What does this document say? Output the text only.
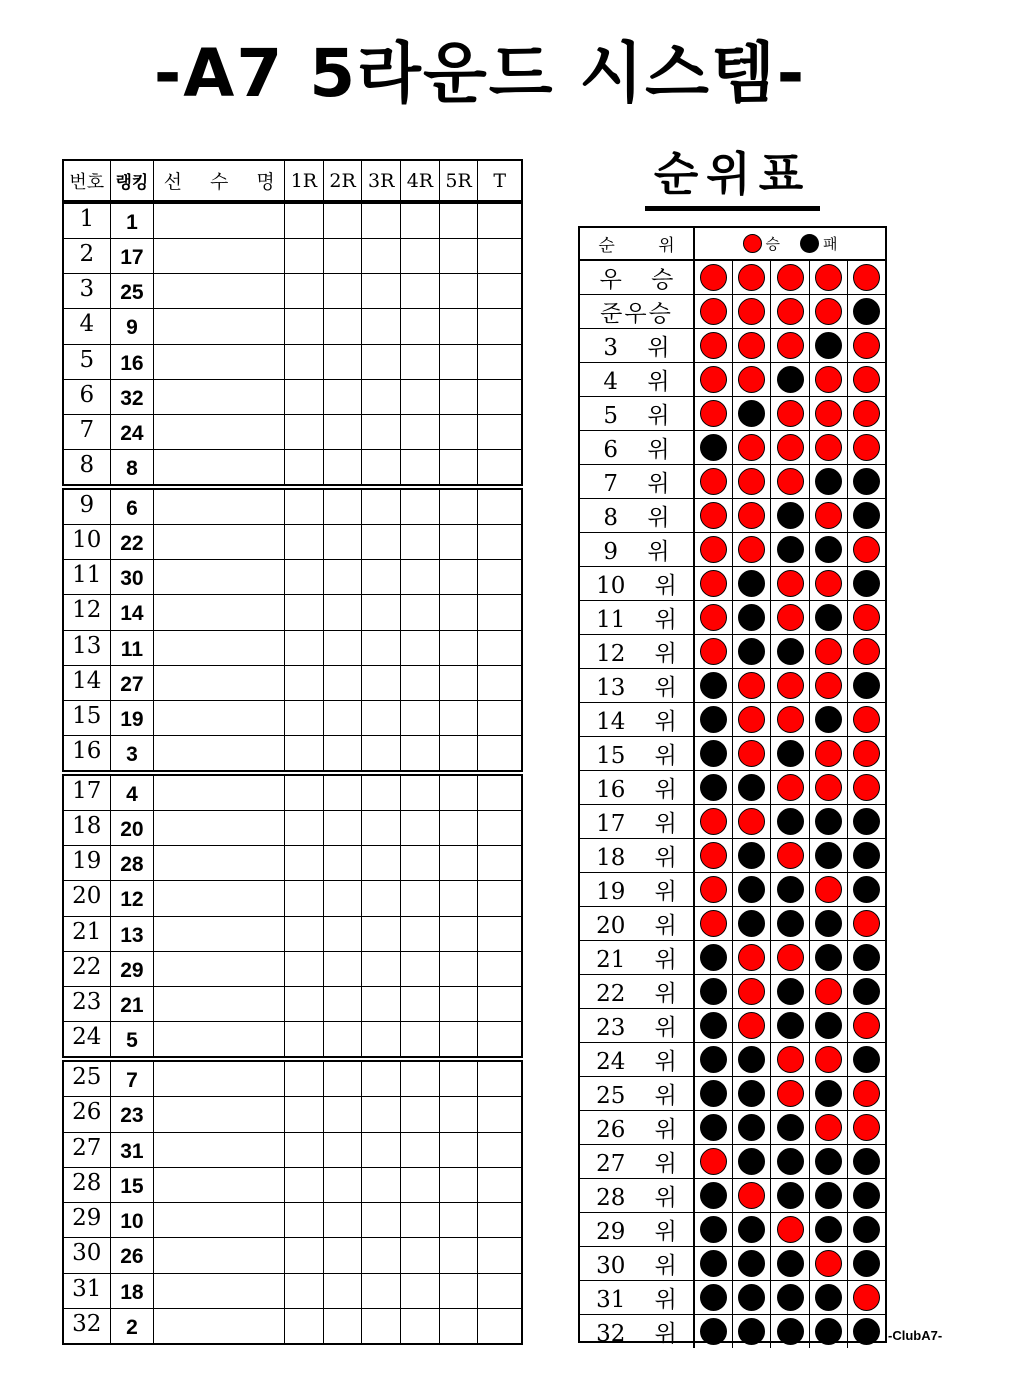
-A7 5라운드 시스템-
번호 랭킹 선 수 명 1R 2R 3R 4R 5R	T
1	1
2	17
3	25
4	9
5	16
6	32
7	24
8	8
9	6
10 22
11 30
12 14
13 11
14 27
15 19
16	3
17	4
18 20
19 28
20 12
21 13
22 29
23 21
24	5
25	7
26 23
27 31
28 15
29 10
30 26
31 18
32	2
순위표
순 위	승	패
우 승
준우승
3 위
4 위
5 위
6 위
7 위
8 위
9 위
10 위
11 위
12 위
13 위
14 위
15 위
16 위
17 위
18 위
19 위
20 위
21 위
22 위
23 위
24 위
25 위
26 위
27 위
28 위
29 위
30 위
31 위
32 위	-ClubA7-
